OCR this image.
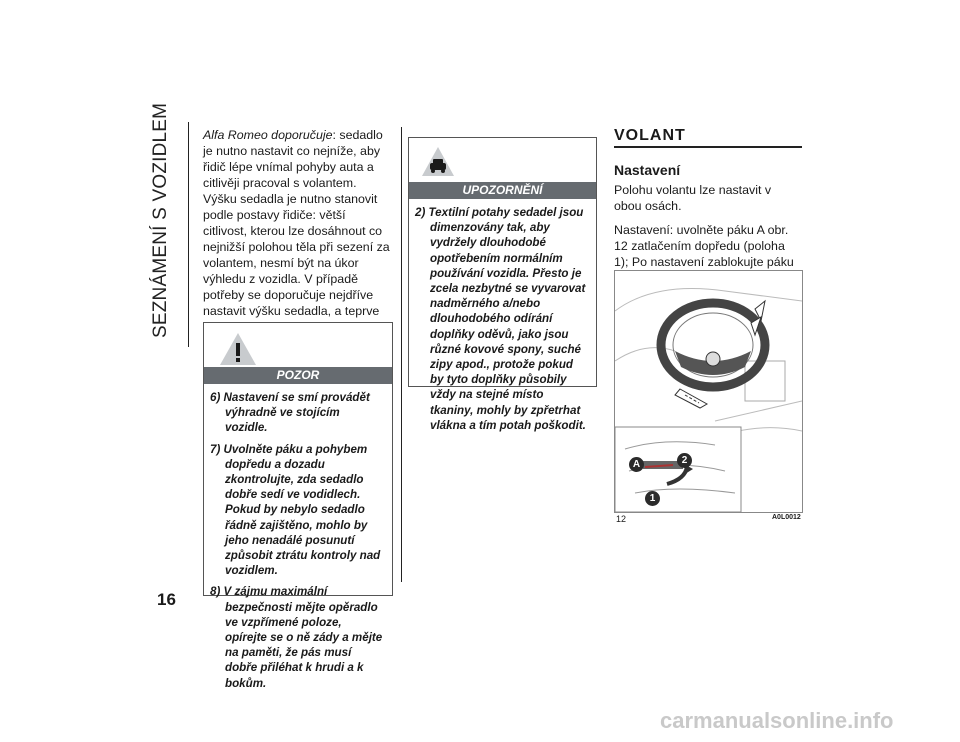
SEZNÁMENÍ S VOZIDLEM
16
Alfa Romeo doporučuje: sedadlo je nutno nastavit co nejníže, aby řidič lépe vnímal pohyby auta a citlivěji pracoval s volantem. Výšku sedadla je nutno stanovit podle postavy řidiče: větší citlivost, kterou lze dosáhnout co nejnižší polohou těla při sezení za volantem, nesmí být na úkor výhledu z vozidla. V případě potřeby se doporučuje nejdříve nastavit výšku sedadla, a teprve
POZOR
6) Nastavení se smí provádět výhradně ve stojícím vozidle.
7) Uvolněte páku a pohybem dopředu a dozadu zkontrolujte, zda sedadlo dobře sedí ve vodidlech. Pokud by nebylo sedadlo řádně zajištěno, mohlo by jeho nenadálé posunutí způsobit ztrátu kontroly nad vozidlem.
8) V zájmu maximální bezpečnosti mějte opěradlo ve vzpřímené poloze, opírejte se o ně zády a mějte na paměti, že pás musí dobře přiléhat k hrudi a k bokům.
UPOZORNĚNÍ
2) Textilní potahy sedadel jsou dimenzovány tak, aby vydržely dlouhodobé opotřebením normálním používání vozidla. Přesto je zcela nezbytné se vyvarovat nadměrného a/nebo dlouhodobého odírání doplňky oděvů, jako jsou různé kovové spony, suché zipy apod., protože pokud by tyto doplňky působily vždy na stejné místo tkaniny, mohly by zpřetrhat vlákna a tím potah poškodit.
VOLANT
Nastavení

Polohu volantu lze nastavit v obou osách.

Nastavení: uvolněte páku A obr. 12 zatlačením dopředu (poloha 1); Po nastavení zablokujte páku

A	2
1
12	A0L0012
carmanualsonline.info
